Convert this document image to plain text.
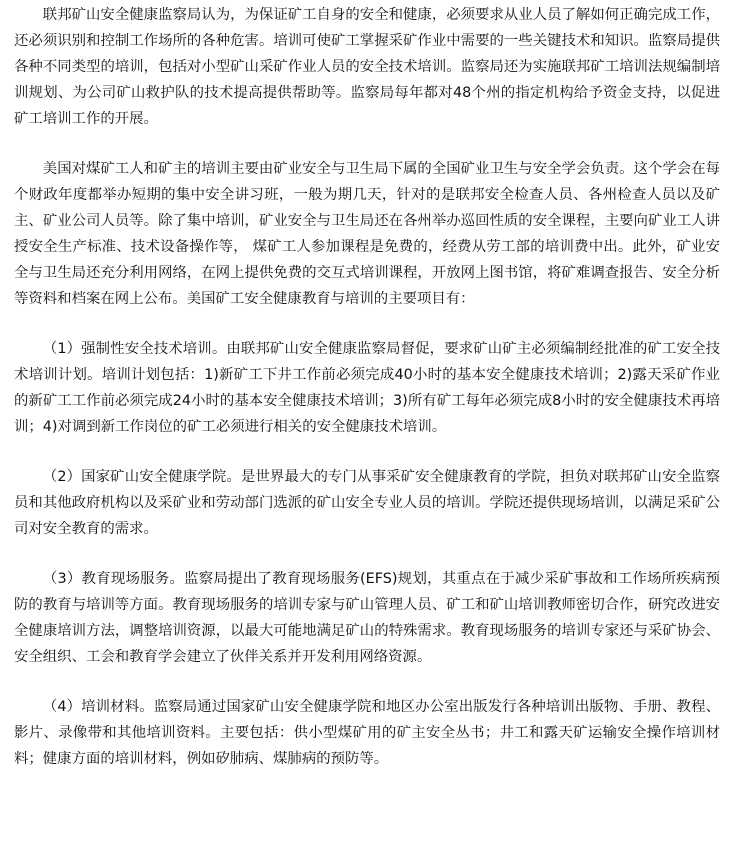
联邦矿山安全健康监察局认为，为保证矿工自身的安全和健康，必须要求从业人员了解如何正确完成工作，还必须识别和控制工作场所的各种危害。培训可使矿工掌握采矿作业中需要的一些关键技术和知识。监察局提供各种不同类型的培训，包括对小型矿山采矿作业人员的安全技术培训。监察局还为实施联邦矿工培训法规编制培训规划、为公司矿山救护队的技术提高提供帮助等。监察局每年都对48个州的指定机构给予资金支持，以促进矿工培训工作的开展。

美国对煤矿工人和矿主的培训主要由矿业安全与卫生局下属的全国矿业卫生与安全学会负责。这个学会在每个财政年度都举办短期的集中安全讲习班，一般为期几天，针对的是联邦安全检查人员、各州检查人员以及矿主、矿业公司人员等。除了集中培训，矿业安全与卫生局还在各州举办巡回性质的安全课程，主要向矿业工人讲授安全生产标准、技术设备操作等， 煤矿工人参加课程是免费的，经费从劳工部的培训费中出。此外，矿业安全与卫生局还充分利用网络，在网上提供免费的交互式培训课程，开放网上图书馆，将矿难调查报告、安全分析等资料和档案在网上公布。美国矿工安全健康教育与培训的主要项目有：

（1）强制性安全技术培训。由联邦矿山安全健康监察局督促，要求矿山矿主必须编制经批准的矿工安全技术培训计划。培训计划包括：1)新矿工下井工作前必须完成40小时的基本安全健康技术培训；2)露天采矿作业的新矿工工作前必须完成24小时的基本安全健康技术培训；3)所有矿工每年必须完成8小时的安全健康技术再培训；4)对调到新工作岗位的矿工必须进行相关的安全健康技术培训。

（2）国家矿山安全健康学院。是世界最大的专门从事采矿安全健康教育的学院，担负对联邦矿山安全监察员和其他政府机构以及采矿业和劳动部门选派的矿山安全专业人员的培训。学院还提供现场培训，以满足采矿公司对安全教育的需求。

（3）教育现场服务。监察局提出了教育现场服务(EFS)规划，其重点在于减少采矿事故和工作场所疾病预防的教育与培训等方面。教育现场服务的培训专家与矿山管理人员、矿工和矿山培训教师密切合作，研究改进安全健康培训方法，调整培训资源，以最大可能地满足矿山的特殊需求。教育现场服务的培训专家还与采矿协会、安全组织、工会和教育学会建立了伙伴关系并开发利用网络资源。

（4）培训材料。监察局通过国家矿山安全健康学院和地区办公室出版发行各种培训出版物、手册、教程、影片、录像带和其他培训资料。主要包括：供小型煤矿用的矿主安全丛书；井工和露天矿运输安全操作培训材料；健康方面的培训材料，例如矽肺病、煤肺病的预防等。
